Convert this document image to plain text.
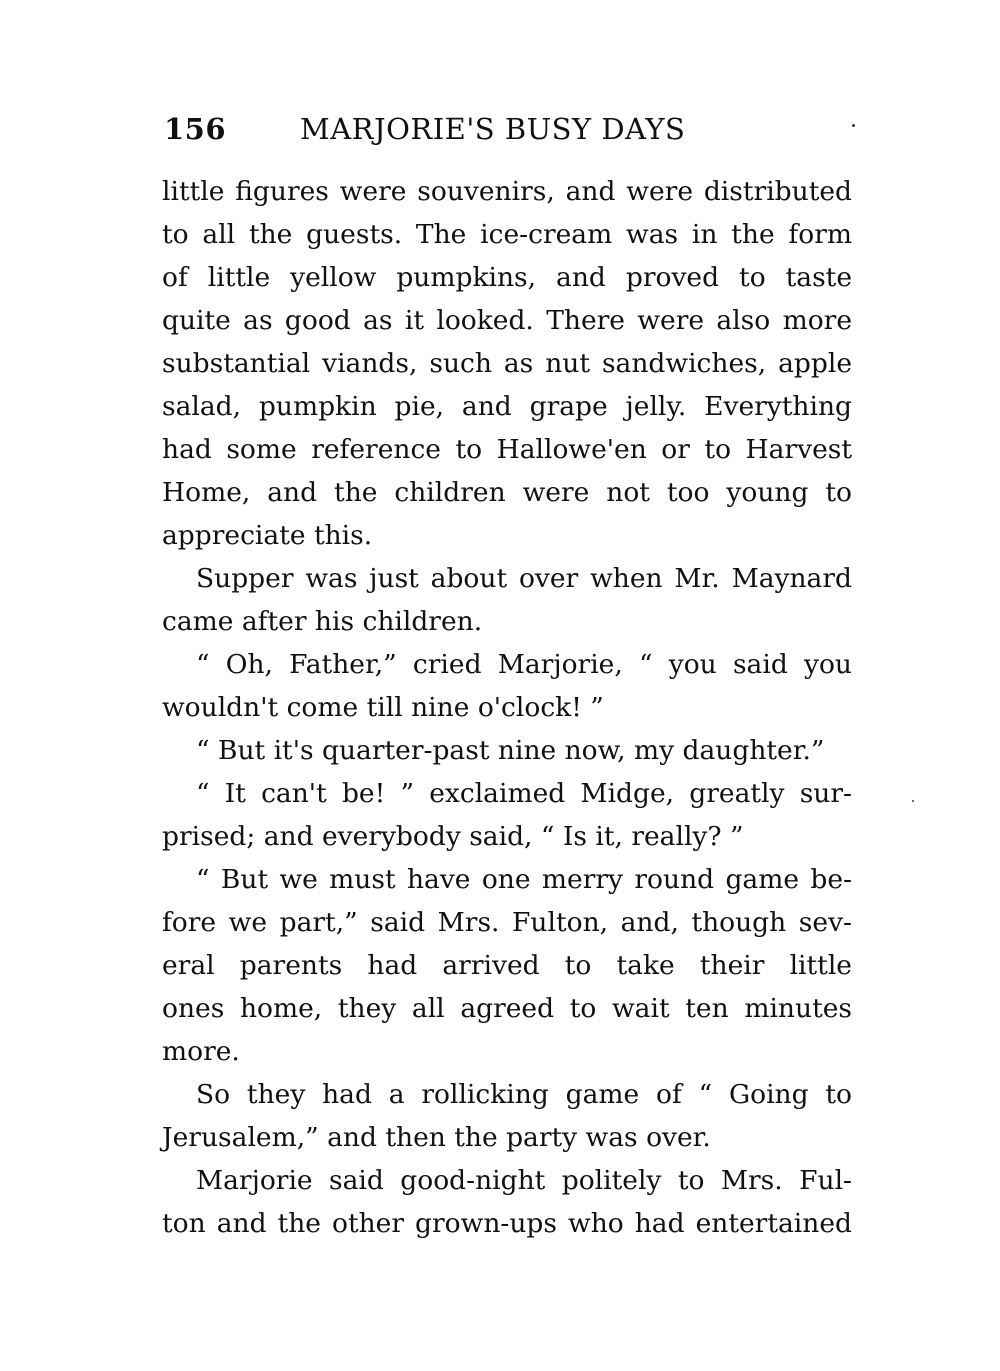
156	MARJORIE'S BUSY DAYS
little figures were souvenirs, and were distributed
to all the guests. The ice-cream was in the form
of little yellow pumpkins, and proved to taste
quite as good as it looked. There were also more
substantial viands, such as nut sandwiches, apple
salad, pumpkin pie, and grape jelly. Everything
had some reference to Hallowe'en or to Harvest
Home, and the children were not too young to
appreciate this.
Supper was just about over when Mr. Maynard
came after his children.
“ Oh, Father,” cried Marjorie, “ you said you
wouldn't come till nine o'clock! ”
“ But it's quarter-past nine now, my daughter.”
“ It can't be! ” exclaimed Midge, greatly sur-
prised; and everybody said, “ Is it, really? ”
“ But we must have one merry round game be-
fore we part,” said Mrs. Fulton, and, though sev-
eral parents had arrived to take their little
ones home, they all agreed to wait ten minutes
more.
So they had a rollicking game of “ Going to
Jerusalem,” and then the party was over.
Marjorie said good-night politely to Mrs. Ful-
ton and the other grown-ups who had entertained
